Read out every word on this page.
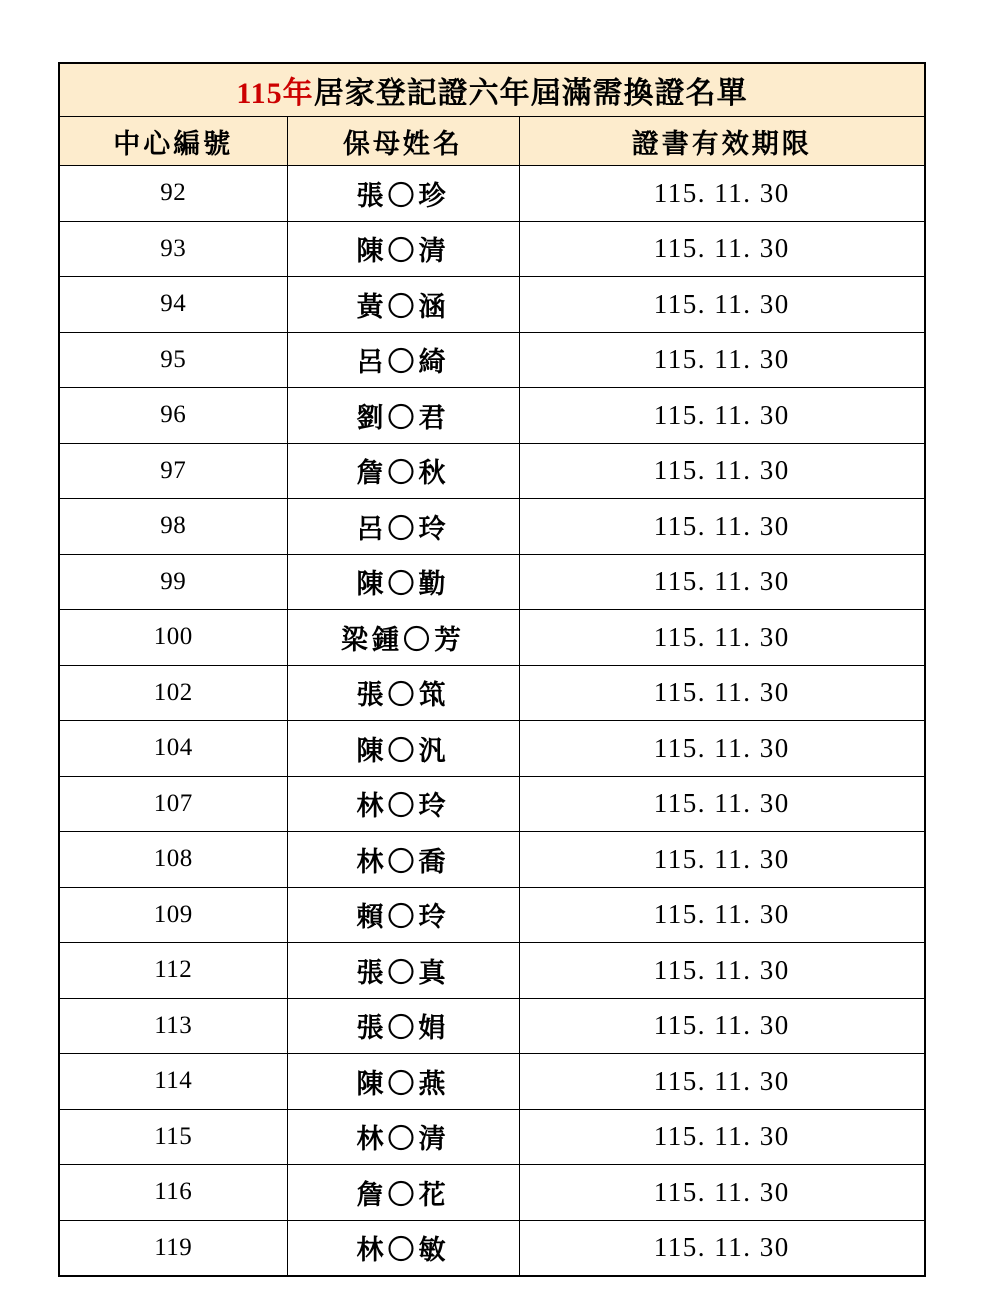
115年居家登記證六年屆滿需換證名單		
中心編號	保母姓名	證書有效期限
92	張〇珍	115. 11. 30
93	陳〇清	115. 11. 30
94	黃〇涵	115. 11. 30
95	呂〇綺	115. 11. 30
96	劉〇君	115. 11. 30
97	詹〇秋	115. 11. 30
98	呂〇玲	115. 11. 30
99	陳〇勤	115. 11. 30
100	梁鍾〇芳	115. 11. 30
102	張〇筑	115. 11. 30
104	陳〇汎	115. 11. 30
107	林〇玲	115. 11. 30
108	林〇喬	115. 11. 30
109	賴〇玲	115. 11. 30
112	張〇真	115. 11. 30
113	張〇娟	115. 11. 30
114	陳〇燕	115. 11. 30
115	林〇清	115. 11. 30
116	詹〇花	115. 11. 30
119	林〇敏	115. 11. 30
